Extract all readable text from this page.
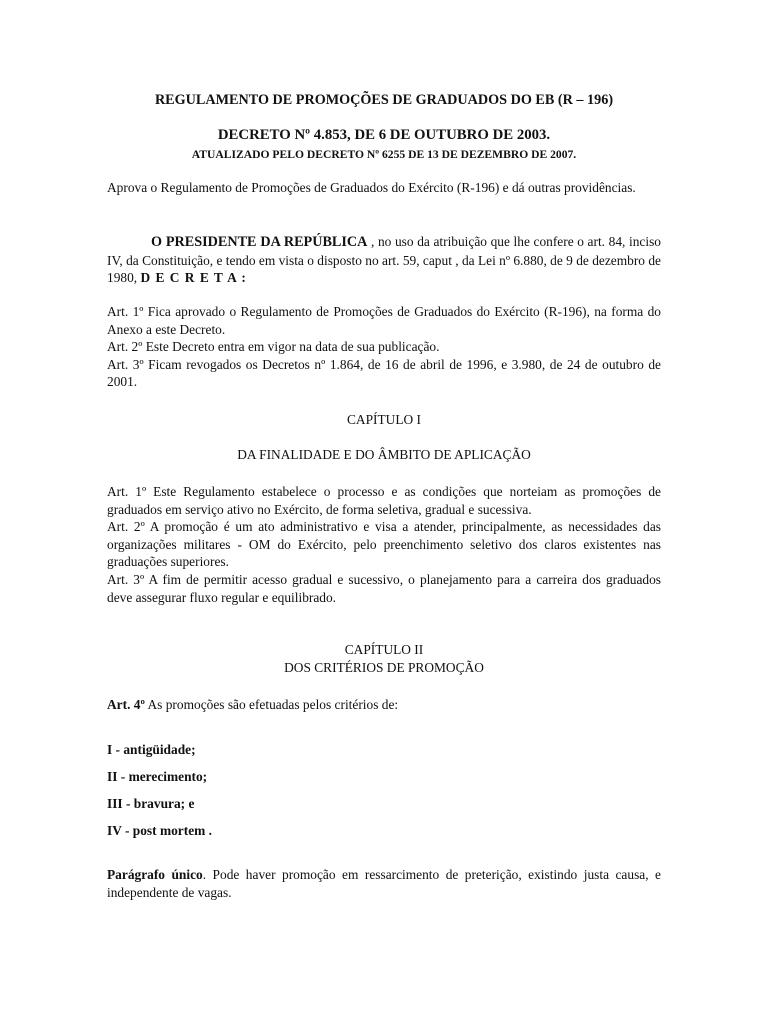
REGULAMENTO DE PROMOÇÕES DE GRADUADOS DO EB (R – 196)

DECRETO Nº 4.853, DE 6 DE OUTUBRO DE 2003.

ATUALIZADO PELO DECRETO Nº 6255 DE 13 DE DEZEMBRO DE 2007.

Aprova o Regulamento de Promoções de Graduados do Exército (R-196) e dá outras providências.

O PRESIDENTE DA REPÚBLICA , no uso da atribuição que lhe confere o art. 84, inciso IV, da Constituição, e tendo em vista o disposto no art. 59, caput , da Lei nº 6.880, de 9 de dezembro de 1980, D E C R E T A :

Art. 1º Fica aprovado o Regulamento de Promoções de Graduados do Exército (R-196), na forma do Anexo a este Decreto.
Art. 2º Este Decreto entra em vigor na data de sua publicação.
Art. 3º Ficam revogados os Decretos nº 1.864, de 16 de abril de 1996, e 3.980, de 24 de outubro de 2001.

CAPÍTULO I

DA FINALIDADE E DO ÂMBITO DE APLICAÇÃO

Art. 1º Este Regulamento estabelece o processo e as condições que norteiam as promoções de graduados em serviço ativo no Exército, de forma seletiva, gradual e sucessiva.
Art. 2º A promoção é um ato administrativo e visa a atender, principalmente, as necessidades das organizações militares - OM do Exército, pelo preenchimento seletivo dos claros existentes nas graduações superiores.
Art. 3º A fim de permitir acesso gradual e sucessivo, o planejamento para a carreira dos graduados deve assegurar fluxo regular e equilibrado.

CAPÍTULO II

DOS CRITÉRIOS DE PROMOÇÃO

Art. 4º As promoções são efetuadas pelos critérios de:

I - antigüidade;
II - merecimento;
III - bravura; e
IV - post mortem .

Parágrafo único. Pode haver promoção em ressarcimento de preterição, existindo justa causa, e independente de vagas.
